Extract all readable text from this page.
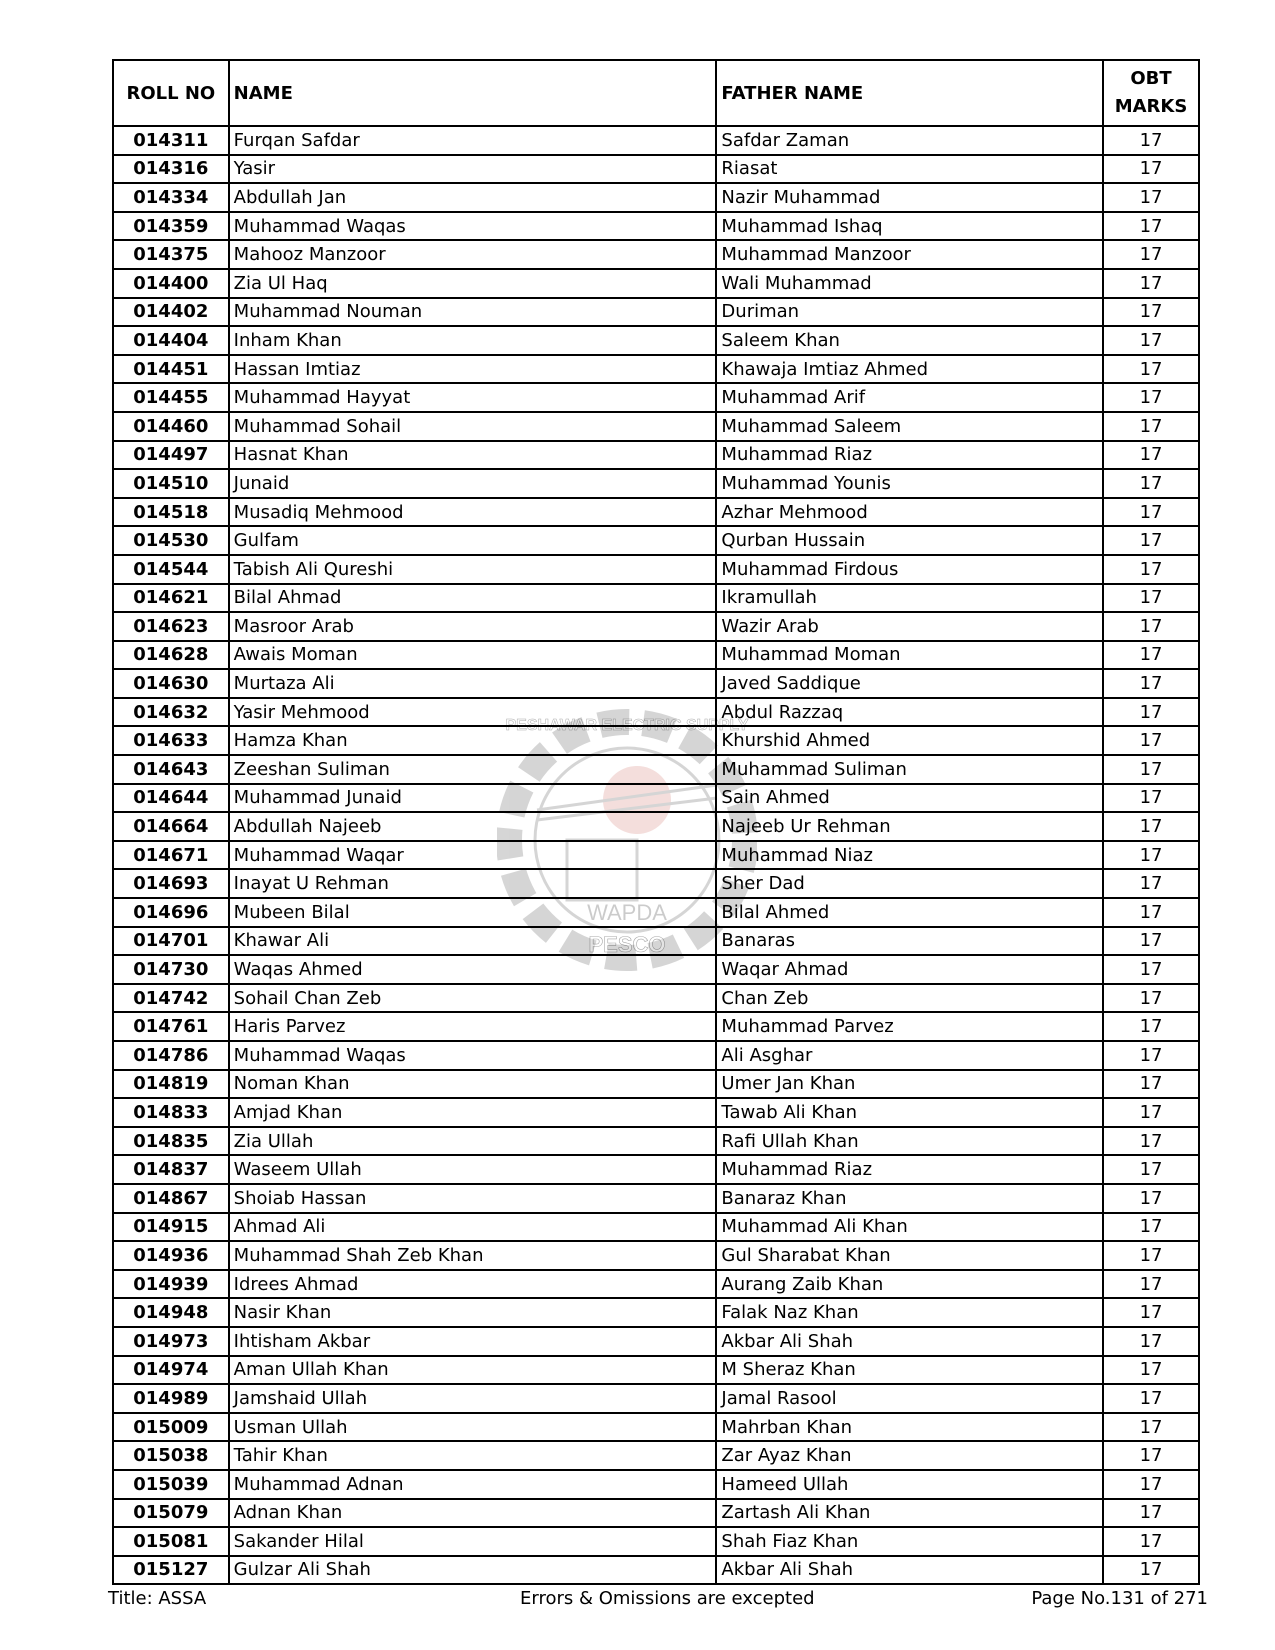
WAPDA
PESCO
PESHAWAR ELECTRIC SUPPLY
ROLL NO	NAME	FATHER NAME	OBT
MARKS
014311	Furqan Safdar	Safdar Zaman	17
014316	Yasir	Riasat	17
014334	Abdullah Jan	Nazir Muhammad	17
014359	Muhammad Waqas	Muhammad Ishaq	17
014375	Mahooz Manzoor	Muhammad Manzoor	17
014400	Zia Ul Haq	Wali Muhammad	17
014402	Muhammad Nouman	Duriman	17
014404	Inham Khan	Saleem Khan	17
014451	Hassan Imtiaz	Khawaja Imtiaz Ahmed	17
014455	Muhammad Hayyat	Muhammad Arif	17
014460	Muhammad Sohail	Muhammad Saleem	17
014497	Hasnat Khan	Muhammad Riaz	17
014510	Junaid	Muhammad Younis	17
014518	Musadiq Mehmood	Azhar Mehmood	17
014530	Gulfam	Qurban Hussain	17
014544	Tabish Ali Qureshi	Muhammad Firdous	17
014621	Bilal Ahmad	Ikramullah	17
014623	Masroor Arab	Wazir Arab	17
014628	Awais Moman	Muhammad Moman	17
014630	Murtaza Ali	Javed Saddique	17
014632	Yasir Mehmood	Abdul Razzaq	17
014633	Hamza Khan	Khurshid Ahmed	17
014643	Zeeshan Suliman	Muhammad Suliman	17
014644	Muhammad Junaid	Sain Ahmed	17
014664	Abdullah Najeeb	Najeeb Ur Rehman	17
014671	Muhammad Waqar	Muhammad Niaz	17
014693	Inayat U Rehman	Sher Dad	17
014696	Mubeen Bilal	Bilal Ahmed	17
014701	Khawar Ali	Banaras	17
014730	Waqas Ahmed	Waqar Ahmad	17
014742	Sohail Chan Zeb	Chan Zeb	17
014761	Haris Parvez	Muhammad Parvez	17
014786	Muhammad Waqas	Ali Asghar	17
014819	Noman Khan	Umer Jan Khan	17
014833	Amjad Khan	Tawab Ali Khan	17
014835	Zia Ullah	Rafi Ullah Khan	17
014837	Waseem Ullah	Muhammad Riaz	17
014867	Shoiab Hassan	Banaraz Khan	17
014915	Ahmad Ali	Muhammad Ali Khan	17
014936	Muhammad Shah Zeb Khan	Gul Sharabat Khan	17
014939	Idrees Ahmad	Aurang Zaib Khan	17
014948	Nasir Khan	Falak Naz Khan	17
014973	Ihtisham Akbar	Akbar Ali Shah	17
014974	Aman Ullah Khan	M Sheraz Khan	17
014989	Jamshaid Ullah	Jamal Rasool	17
015009	Usman Ullah	Mahrban Khan	17
015038	Tahir Khan	Zar Ayaz Khan	17
015039	Muhammad Adnan	Hameed Ullah	17
015079	Adnan Khan	Zartash Ali Khan	17
015081	Sakander Hilal	Shah Fiaz Khan	17
015127	Gulzar Ali Shah	Akbar Ali Shah	17
Title: ASSA	Errors & Omissions are excepted	Page No.131 of 271
